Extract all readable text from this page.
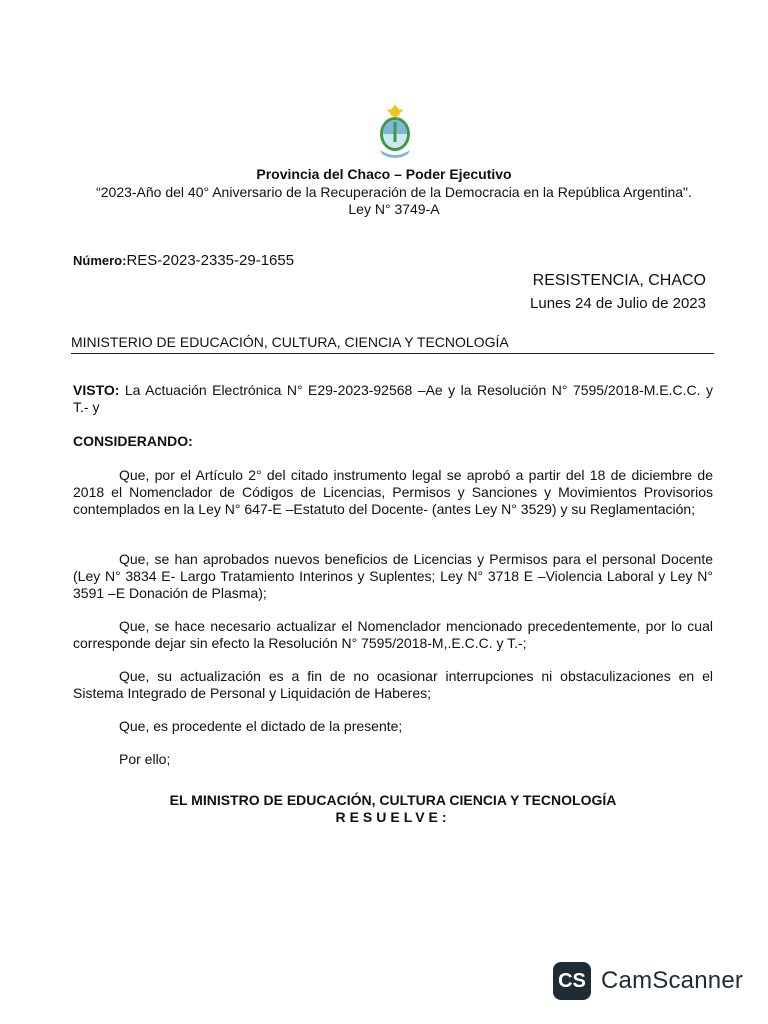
Provincia del Chaco – Poder Ejecutivo
“2023-Año del 40° Aniversario de la Recuperación de la Democracia en la República Argentina". Ley N° 3749-A
Número:RES-2023-2335-29-1655
RESISTENCIA, CHACO
Lunes 24 de Julio de 2023
MINISTERIO DE EDUCACIÓN, CULTURA, CIENCIA Y TECNOLOGÍA
VISTO: La Actuación Electrónica N° E29-2023-92568 –Ae y la Resolución N° 7595/2018-M.E.C.C. y T.- y
CONSIDERANDO:
Que, por el Artículo 2° del citado instrumento legal se aprobó a partir del 18 de diciembre de 2018 el Nomenclador de Códigos de Licencias, Permisos y Sanciones y Movimientos Provisorios contemplados en la Ley N° 647-E –Estatuto del Docente- (antes Ley N° 3529) y su Reglamentación;
Que, se han aprobados nuevos beneficios de Licencias y Permisos para el personal Docente (Ley N° 3834 E- Largo Tratamiento Interinos y Suplentes; Ley N° 3718 E –Violencia Laboral y Ley N° 3591 –E Donación de Plasma);
Que, se hace necesario actualizar el Nomenclador mencionado precedentemente, por lo cual corresponde dejar sin efecto la Resolución N° 7595/2018-M,.E.C.C. y T.-;
Que, su actualización es a fin de no ocasionar interrupciones ni obstaculizaciones en el Sistema Integrado de Personal y Liquidación de Haberes;
Que, es procedente el dictado de la presente;
Por ello;
EL MINISTRO DE EDUCACIÓN, CULTURA CIENCIA Y TECNOLOGÍA
RESUELVE:
CS CamScanner
